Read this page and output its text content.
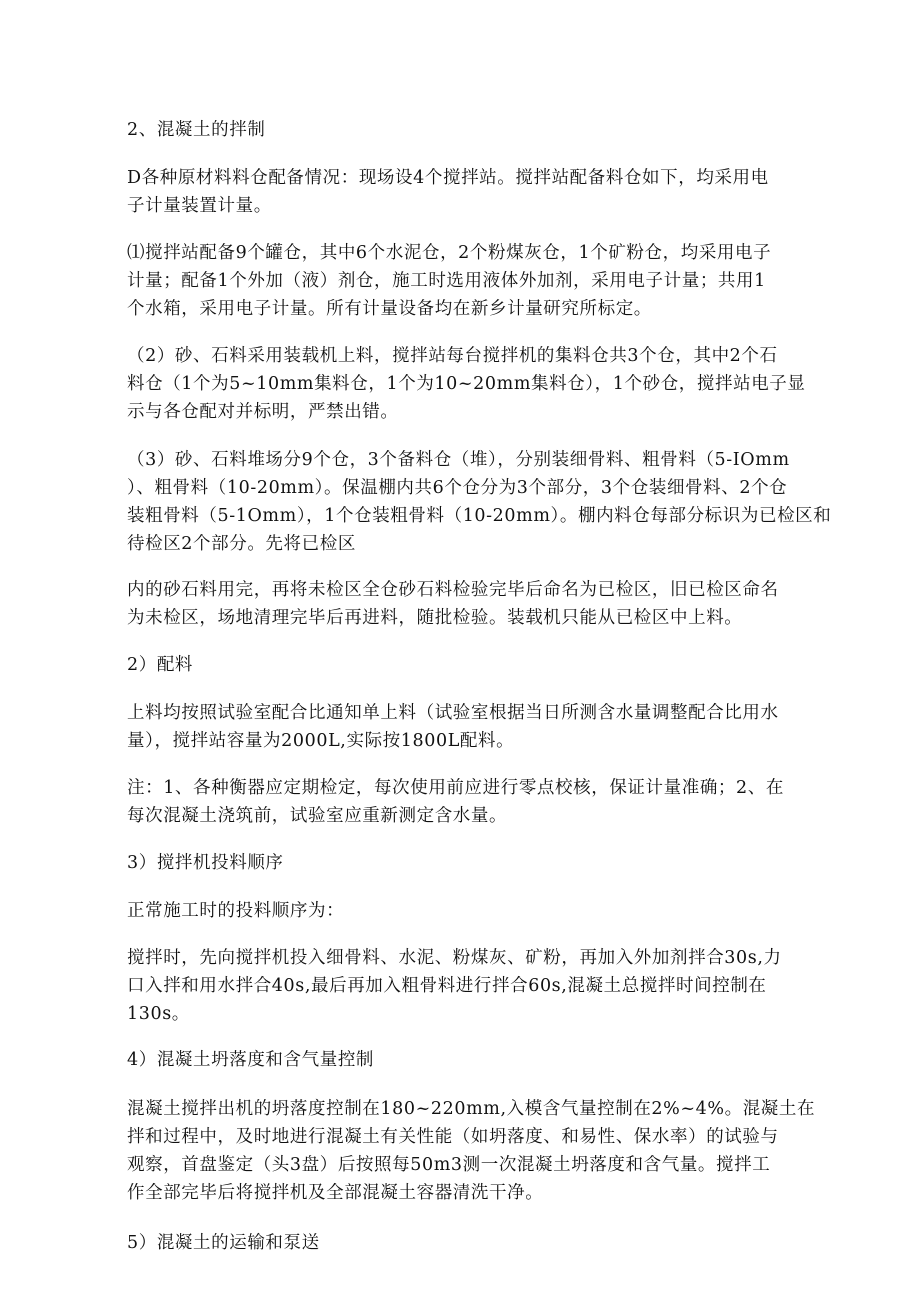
2、混凝土的拌制

D各种原材料料仓配备情况：现场设4个搅拌站。搅拌站配备料仓如下，均采用电
子计量装置计量。

⑴搅拌站配备9个罐仓，其中6个水泥仓，2个粉煤灰仓，1个矿粉仓，均采用电子
计量；配备1个外加（液）剂仓，施工时选用液体外加剂，采用电子计量；共用1
个水箱，采用电子计量。所有计量设备均在新乡计量研究所标定。

（2）砂、石料采用装载机上料，搅拌站每台搅拌机的集料仓共3个仓，其中2个石
料仓（1个为5~10mm集料仓，1个为10~20mm集料仓），1个砂仓，搅拌站电子显
示与各仓配对并标明，严禁出错。

（3）砂、石料堆场分9个仓，3个备料仓（堆），分别装细骨料、粗骨料（5-IOmm
）、粗骨料（10-20mm）。保温棚内共6个仓分为3个部分，3个仓装细骨料、2个仓
装粗骨料（5-1Omm），1个仓装粗骨料（10-20mm）。棚内料仓每部分标识为已检区和
待检区2个部分。先将已检区

内的砂石料用完，再将未检区全仓砂石料检验完毕后命名为已检区，旧已检区命名
为未检区，场地清理完毕后再进料，随批检验。装载机只能从已检区中上料。

2）配料

上料均按照试验室配合比通知单上料（试验室根据当日所测含水量调整配合比用水
量），搅拌站容量为2000L,实际按1800L配料。

注：1、各种衡器应定期检定，每次使用前应进行零点校核，保证计量准确；2、在
每次混凝土浇筑前，试验室应重新测定含水量。

3）搅拌机投料顺序

正常施工时的投料顺序为：

搅拌时，先向搅拌机投入细骨料、水泥、粉煤灰、矿粉，再加入外加剂拌合30s,力
口入拌和用水拌合40s,最后再加入粗骨料进行拌合60s,混凝土总搅拌时间控制在
130s。

4）混凝土坍落度和含气量控制

混凝土搅拌出机的坍落度控制在180~220mm,入模含气量控制在2%~4%。混凝土在
拌和过程中，及时地进行混凝土有关性能（如坍落度、和易性、保水率）的试验与
观察，首盘鉴定（头3盘）后按照每50m3测一次混凝土坍落度和含气量。搅拌工
作全部完毕后将搅拌机及全部混凝土容器清洗干净。

5）混凝土的运输和泵送
